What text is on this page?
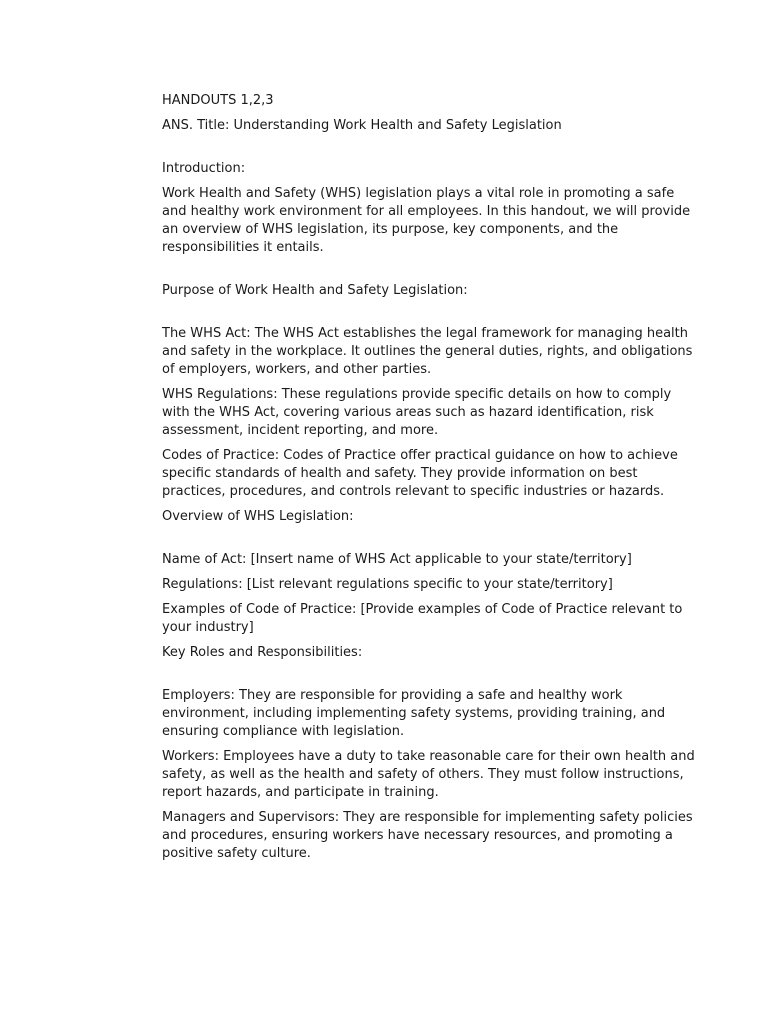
HANDOUTS 1,2,3

ANS. Title: Understanding Work Health and Safety Legislation

Introduction:

Work Health and Safety (WHS) legislation plays a vital role in promoting a safe and healthy work environment for all employees. In this handout, we will provide an overview of WHS legislation, its purpose, key components, and the responsibilities it entails.

Purpose of Work Health and Safety Legislation:

The WHS Act: The WHS Act establishes the legal framework for managing health and safety in the workplace. It outlines the general duties, rights, and obligations of employers, workers, and other parties.

WHS Regulations: These regulations provide specific details on how to comply with the WHS Act, covering various areas such as hazard identification, risk assessment, incident reporting, and more.

Codes of Practice: Codes of Practice offer practical guidance on how to achieve specific standards of health and safety. They provide information on best practices, procedures, and controls relevant to specific industries or hazards.

Overview of WHS Legislation:

Name of Act: [Insert name of WHS Act applicable to your state/territory]

Regulations: [List relevant regulations specific to your state/territory]

Examples of Code of Practice: [Provide examples of Code of Practice relevant to your industry]

Key Roles and Responsibilities:

Employers: They are responsible for providing a safe and healthy work environment, including implementing safety systems, providing training, and ensuring compliance with legislation.

Workers: Employees have a duty to take reasonable care for their own health and safety, as well as the health and safety of others. They must follow instructions, report hazards, and participate in training.

Managers and Supervisors: They are responsible for implementing safety policies and procedures, ensuring workers have necessary resources, and promoting a positive safety culture.
